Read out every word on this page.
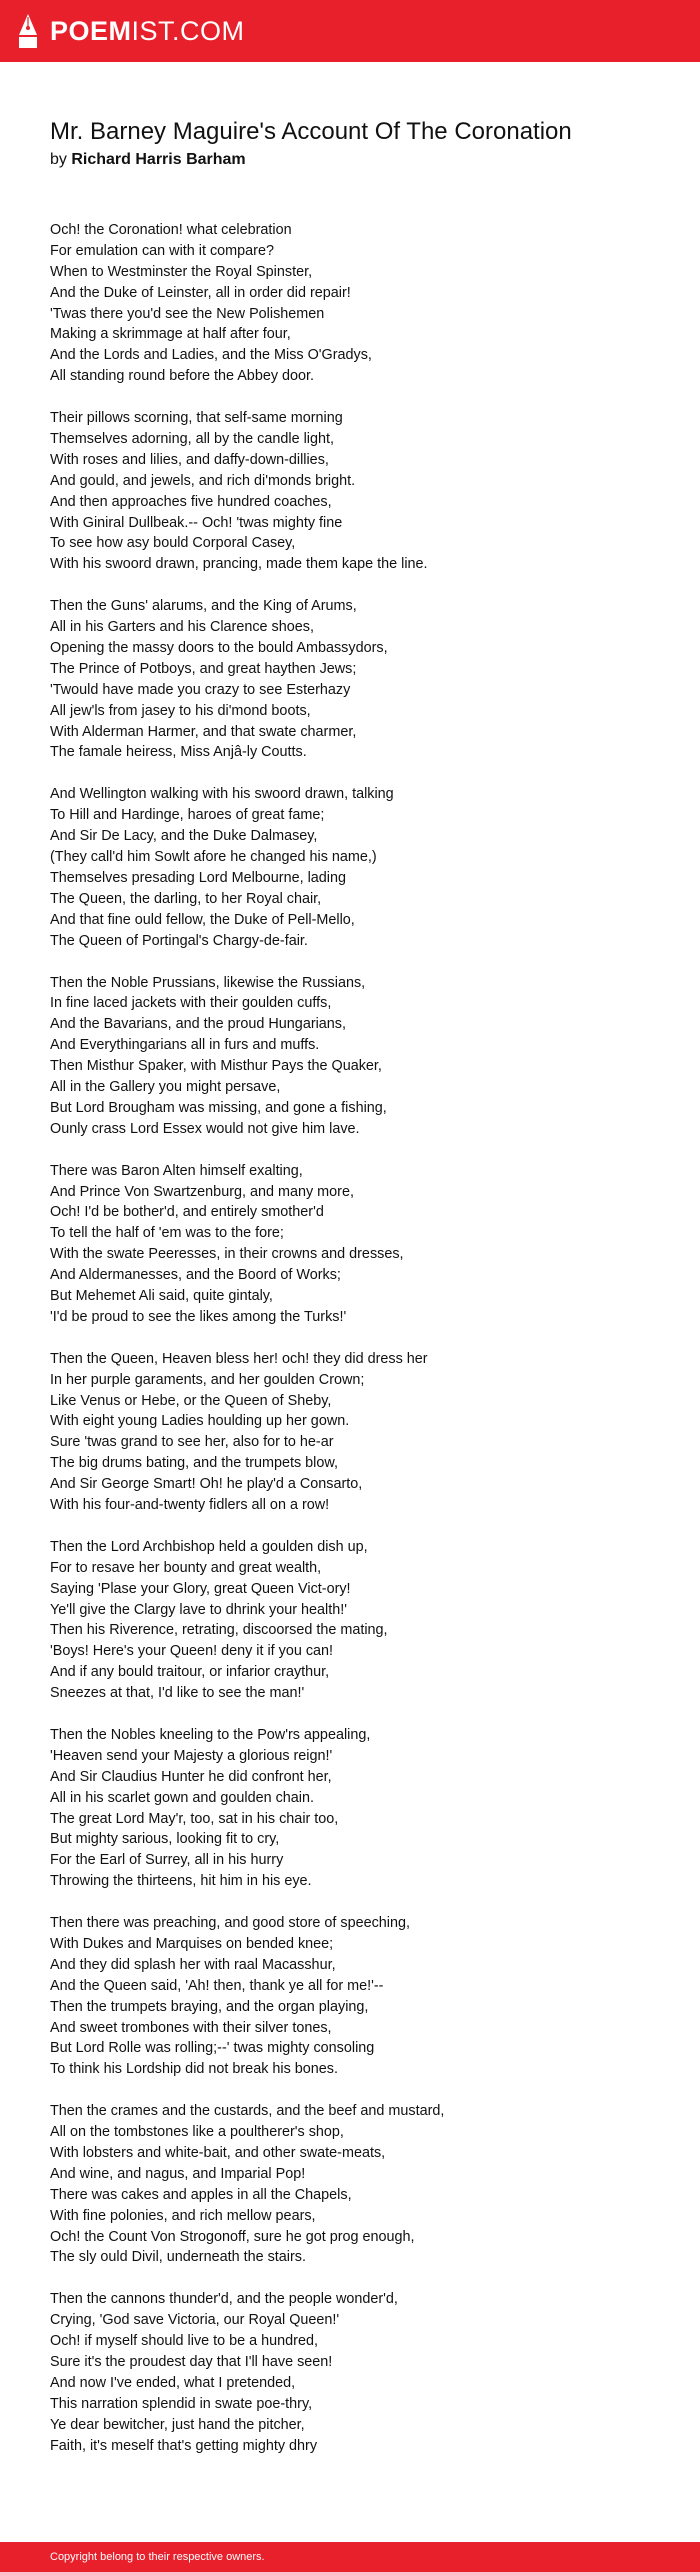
POEMIST.COM
Mr. Barney Maguire's Account Of The Coronation
by Richard Harris Barham
Och! the Coronation! what celebration
For emulation can with it compare?
When to Westminster the Royal Spinster,
And the Duke of Leinster, all in order did repair!
'Twas there you'd see the New Polishemen
Making a skrimmage at half after four,
And the Lords and Ladies, and the Miss O'Gradys,
All standing round before the Abbey door.
Their pillows scorning, that self-same morning
Themselves adorning, all by the candle light,
With roses and lilies, and daffy-down-dillies,
And gould, and jewels, and rich di'monds bright.
And then approaches five hundred coaches,
With Giniral Dullbeak.-- Och! 'twas mighty fine
To see how asy bould Corporal Casey,
With his swoord drawn, prancing, made them kape the line.
Then the Guns' alarums, and the King of Arums,
All in his Garters and his Clarence shoes,
Opening the massy doors to the bould Ambassydors,
The Prince of Potboys, and great haythen Jews;
'Twould have made you crazy to see Esterhazy
All jew'ls from jasey to his di'mond boots,
With Alderman Harmer, and that swate charmer,
The famale heiress, Miss Anjâ-ly Coutts.
And Wellington walking with his swoord drawn, talking
To Hill and Hardinge, haroes of great fame;
And Sir De Lacy, and the Duke Dalmasey,
(They call'd him Sowlt afore he changed his name,)
Themselves presading Lord Melbourne, lading
The Queen, the darling, to her Royal chair,
And that fine ould fellow, the Duke of Pell-Mello,
The Queen of Portingal's Chargy-de-fair.
Then the Noble Prussians, likewise the Russians,
In fine laced jackets with their goulden cuffs,
And the Bavarians, and the proud Hungarians,
And Everythingarians all in furs and muffs.
Then Misthur Spaker, with Misthur Pays the Quaker,
All in the Gallery you might persave,
But Lord Brougham was missing, and gone a fishing,
Ounly crass Lord Essex would not give him lave.
There was Baron Alten himself exalting,
And Prince Von Swartzenburg, and many more,
Och! I'd be bother'd, and entirely smother'd
To tell the half of 'em was to the fore;
With the swate Peeresses, in their crowns and dresses,
And Aldermanesses, and the Boord of Works;
But Mehemet Ali said, quite gintaly,
'I'd be proud to see the likes among the Turks!'
Then the Queen, Heaven bless her! och! they did dress her
In her purple garaments, and her goulden Crown;
Like Venus or Hebe, or the Queen of Sheby,
With eight young Ladies houlding up her gown.
Sure 'twas grand to see her, also for to he-ar
The big drums bating, and the trumpets blow,
And Sir George Smart! Oh! he play'd a Consarto,
With his four-and-twenty fidlers all on a row!
Then the Lord Archbishop held a goulden dish up,
For to resave her bounty and great wealth,
Saying 'Plase your Glory, great Queen Vict-ory!
Ye'll give the Clargy lave to dhrink your health!'
Then his Riverence, retrating, discoorsed the mating,
'Boys! Here's your Queen! deny it if you can!
And if any bould traitour, or infarior craythur,
Sneezes at that, I'd like to see the man!'
Then the Nobles kneeling to the Pow'rs appealing,
'Heaven send your Majesty a glorious reign!'
And Sir Claudius Hunter he did confront her,
All in his scarlet gown and goulden chain.
The great Lord May'r, too, sat in his chair too,
But mighty sarious, looking fit to cry,
For the Earl of Surrey, all in his hurry
Throwing the thirteens, hit him in his eye.
Then there was preaching, and good store of speeching,
With Dukes and Marquises on bended knee;
And they did splash her with raal Macasshur,
And the Queen said, 'Ah! then, thank ye all for me!'--
Then the trumpets braying, and the organ playing,
And sweet trombones with their silver tones,
But Lord Rolle was rolling;--' twas mighty consoling
To think his Lordship did not break his bones.
Then the crames and the custards, and the beef and mustard,
All on the tombstones like a poultherer's shop,
With lobsters and white-bait, and other swate-meats,
And wine, and nagus, and Imparial Pop!
There was cakes and apples in all the Chapels,
With fine polonies, and rich mellow pears,
Och! the Count Von Strogonoff, sure he got prog enough,
The sly ould Divil, underneath the stairs.
Then the cannons thunder'd, and the people wonder'd,
Crying, 'God save Victoria, our Royal Queen!'
Och! if myself should live to be a hundred,
Sure it's the proudest day that I'll have seen!
And now I've ended, what I pretended,
This narration splendid in swate poe-thry,
Ye dear bewitcher, just hand the pitcher,
Faith, it's meself that's getting mighty dhry
Copyright belong to their respective owners.
